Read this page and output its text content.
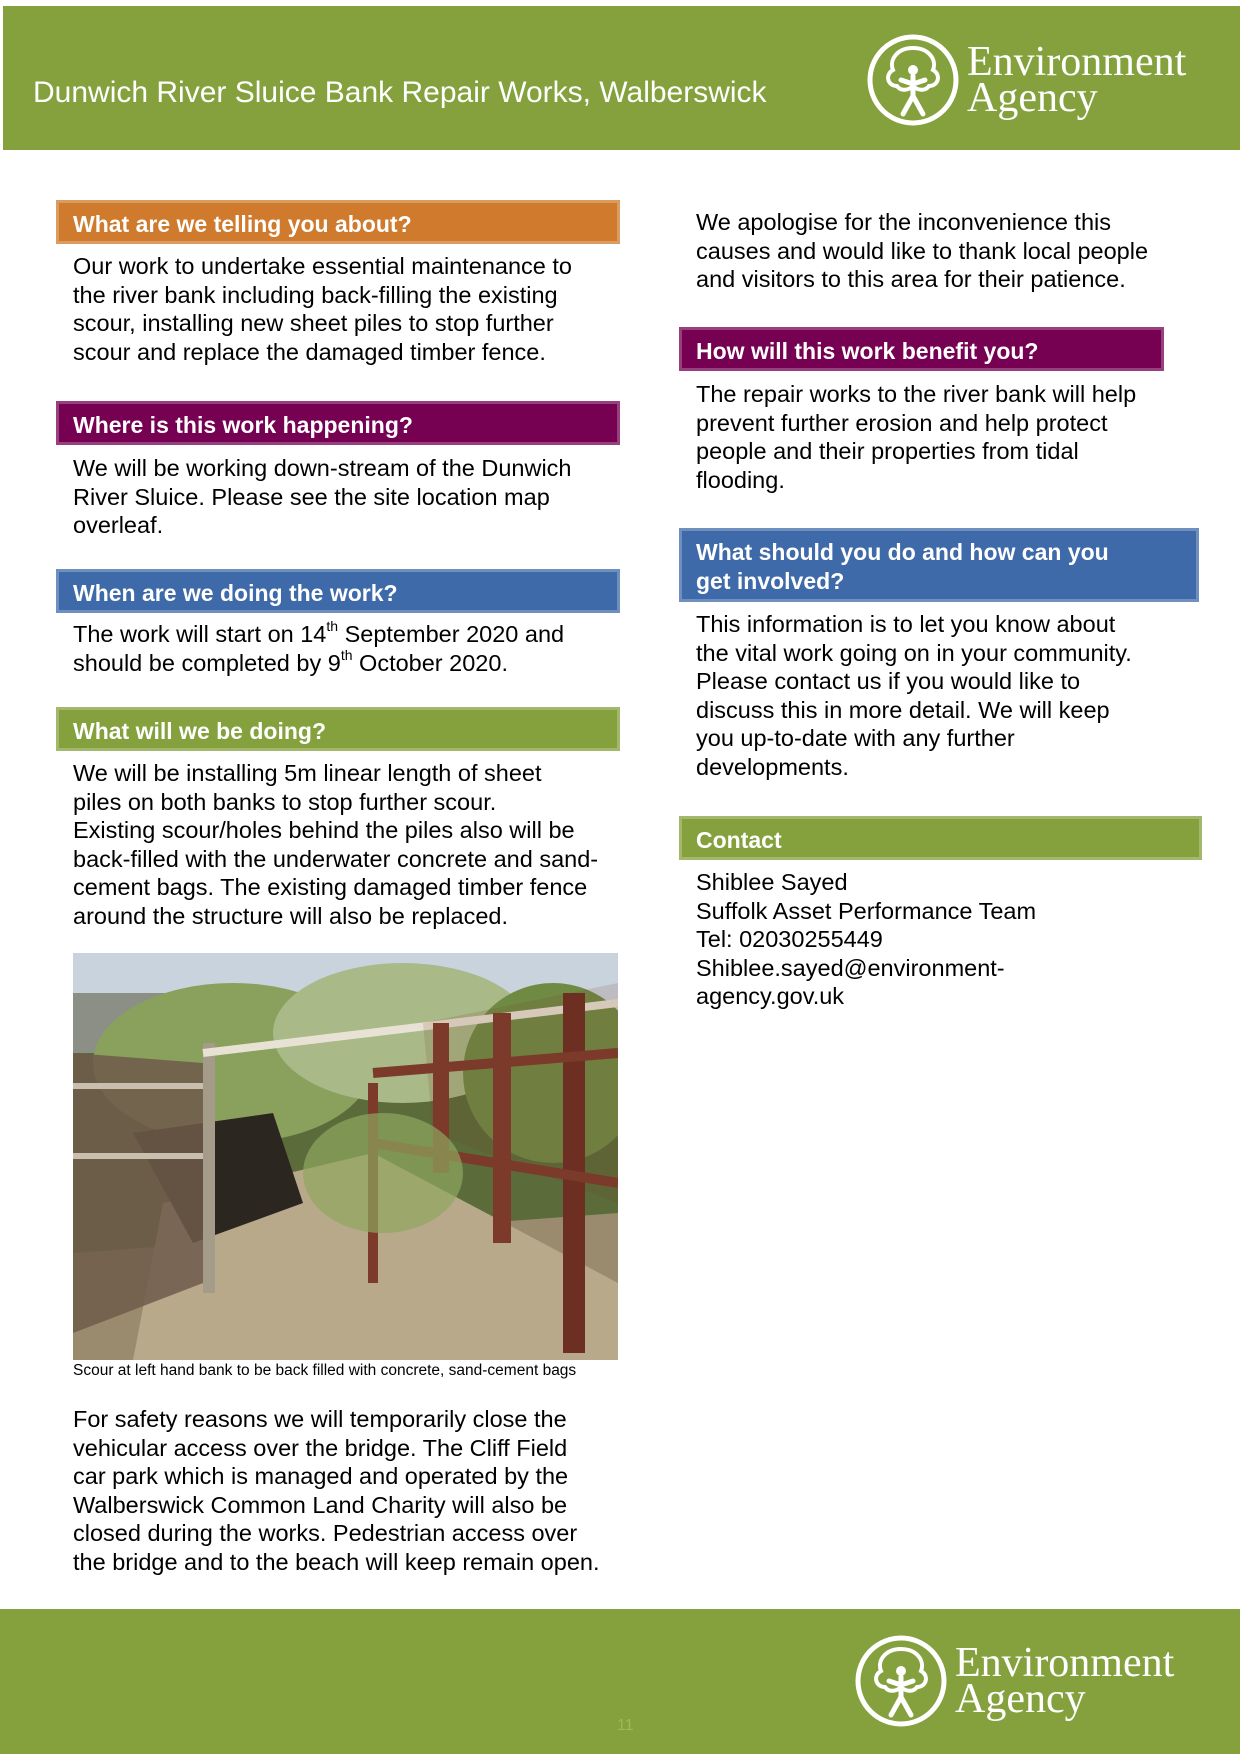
Dunwich River Sluice Bank Repair Works, Walberswick
Environment
Agency
What are we telling you about?
Our work to undertake essential maintenance to
the river bank including back-filling the existing
scour, installing new sheet piles to stop further
scour and replace the damaged timber fence.
Where is this work happening?
We will be working down-stream of the Dunwich
River Sluice. Please see the site location map
overleaf.
When are we doing the work?
The work will start on 14th September 2020 and
should be completed by 9th October 2020.
What will we be doing?
We will be installing 5m linear length of sheet
piles on both banks to stop further scour.
Existing scour/holes behind the piles also will be
back-filled with the underwater concrete and sand-
cement bags. The existing damaged timber fence
around the structure will also be replaced.
Scour at left hand bank to be back filled with concrete, sand-cement bags
For safety reasons we will temporarily close the
vehicular access over the bridge. The Cliff Field
car park which is managed and operated by the
Walberswick Common Land Charity will also be
closed during the works. Pedestrian access over
the bridge and to the beach will keep remain open.
We apologise for the inconvenience this
causes and would like to thank local people
and visitors to this area for their patience.
How will this work benefit you?
The repair works to the river bank will help
prevent further erosion and help protect
people and their properties from tidal
flooding.
What should you do and how can you
get involved?
This information is to let you know about
the vital work going on in your community.
Please contact us if you would like to
discuss this in more detail. We will keep
you up-to-date with any further
developments.
Contact
Shiblee Sayed
Suffolk Asset Performance Team
Tel: 02030255449
Shiblee.sayed@environment-
agency.gov.uk
Environment
Agency
11
